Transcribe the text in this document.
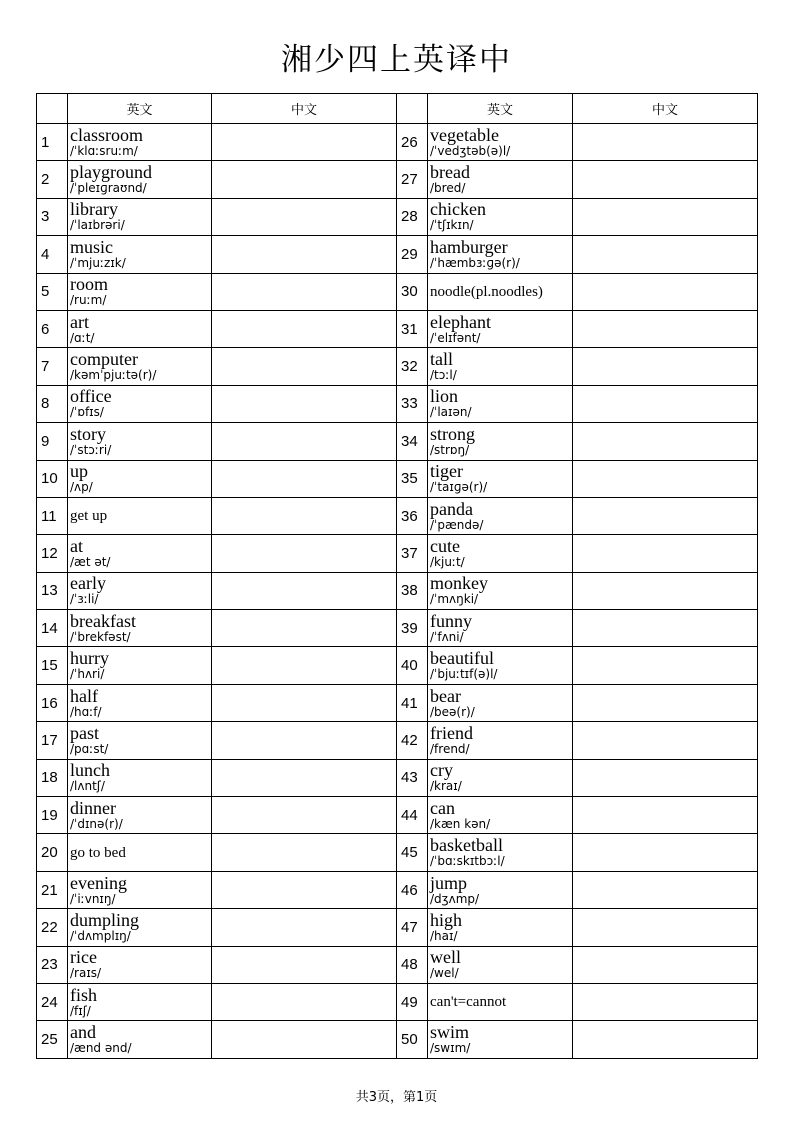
湘少四上英译中
	英文	中文		英文	中文
1	classroom
/ˈklɑːsruːm/		26	vegetable
/ˈvedʒtəb(ə)l/	

2	playground
/ˈpleɪɡraʊnd/		27	bread
/bred/	

3	library
/ˈlaɪbrəri/		28	chicken
/ˈtʃɪkɪn/	

4	music
/ˈmjuːzɪk/		29	hamburger
/ˈhæmbɜːɡə(r)/	

5	room
/ruːm/		30	noodle(pl.noodles)	

6	art
/ɑːt/		31	elephant
/ˈelɪfənt/	

7	computer
/kəmˈpjuːtə(r)/		32	tall
/tɔːl/	

8	office
/ˈɒfɪs/		33	lion
/ˈlaɪən/	

9	story
/ˈstɔːri/		34	strong
/strɒŋ/	

10	up
/ʌp/		35	tiger
/ˈtaɪɡə(r)/	

11	get up		36	panda
/ˈpændə/	

12	at
/æt ət/		37	cute
/kjuːt/	

13	early
/ˈɜːli/		38	monkey
/ˈmʌŋki/	

14	breakfast
/ˈbrekfəst/		39	funny
/ˈfʌni/	

15	hurry
/ˈhʌri/		40	beautiful
/ˈbjuːtɪf(ə)l/	

16	half
/hɑːf/		41	bear
/beə(r)/	

17	past
/pɑːst/		42	friend
/frend/	

18	lunch
/lʌntʃ/		43	cry
/kraɪ/	

19	dinner
/ˈdɪnə(r)/		44	can
/kæn kən/	

20	go to bed		45	basketball
/ˈbɑːskɪtbɔːl/	

21	evening
/ˈiːvnɪŋ/		46	jump
/dʒʌmp/	

22	dumpling
/ˈdʌmplɪŋ/		47	high
/haɪ/	

23	rice
/raɪs/		48	well
/wel/	

24	fish
/fɪʃ/		49	can't=cannot	

25	and
/ænd ənd/		50	swim
/swɪm/	

共3页，第1页
